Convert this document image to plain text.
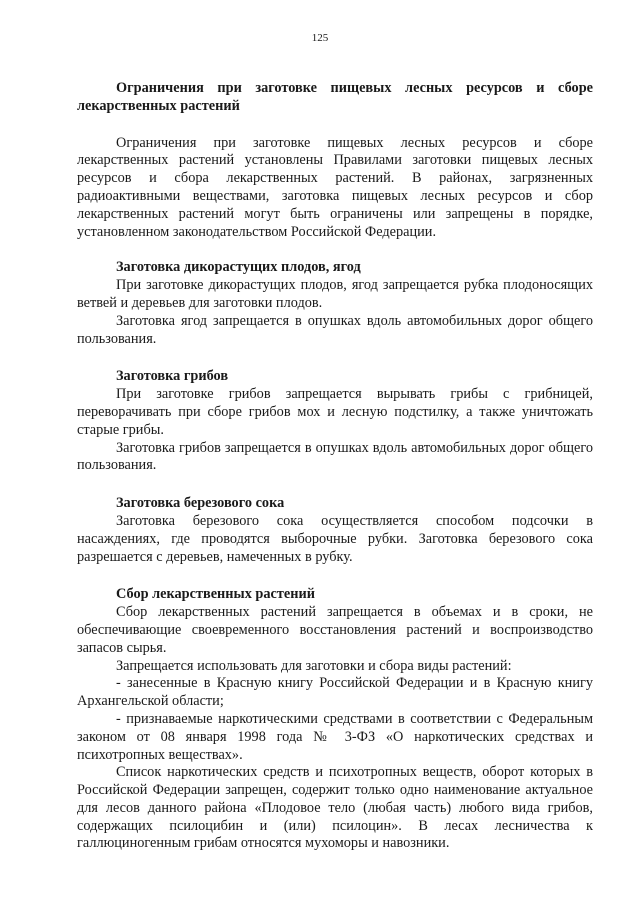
125

Ограничения при заготовке пищевых лесных ресурсов и сборе лекарственных растений

Ограничения при заготовке пищевых лесных ресурсов и сборе лекарственных растений установлены Правилами заготовки пищевых лесных ресурсов и сбора лекарственных растений. В районах, загрязненных радиоактивными веществами, заготовка пищевых лесных ресурсов и сбор лекарственных растений могут быть ограничены или запрещены в порядке, установленном законодательством Российской Федерации.

Заготовка дикорастущих плодов, ягод

При заготовке дикорастущих плодов, ягод запрещается рубка плодоносящих ветвей и деревьев для заготовки плодов.

Заготовка ягод запрещается в опушках вдоль автомобильных дорог общего пользования.

Заготовка грибов

При заготовке грибов запрещается вырывать грибы с грибницей, переворачивать при сборе грибов мох и лесную подстилку, а также уничтожать старые грибы.

Заготовка грибов запрещается в опушках вдоль автомобильных дорог общего пользования.

Заготовка березового сока

Заготовка березового сока осуществляется способом подсочки в насаждениях, где проводятся выборочные рубки. Заготовка березового сока разрешается с деревьев, намеченных в рубку.

Сбор лекарственных растений

Сбор лекарственных растений запрещается в объемах и в сроки, не обеспечивающие своевременного восстановления растений и воспроизводство запасов сырья.

Запрещается использовать для заготовки и сбора виды растений:

- занесенные в Красную книгу Российской Федерации и в Красную книгу Архангельской области;

- признаваемые наркотическими средствами в соответствии с Федеральным законом от 08 января 1998 года № 3-ФЗ «О наркотических средствах и психотропных веществах».

Список наркотических средств и психотропных веществ, оборот которых в Российской Федерации запрещен, содержит только одно наименование актуальное для лесов данного района «Плодовое тело (любая часть) любого вида грибов, содержащих псилоцибин и (или) псилоцин». В лесах лесничества к галлюциногенным грибам относятся мухоморы и навозники.
